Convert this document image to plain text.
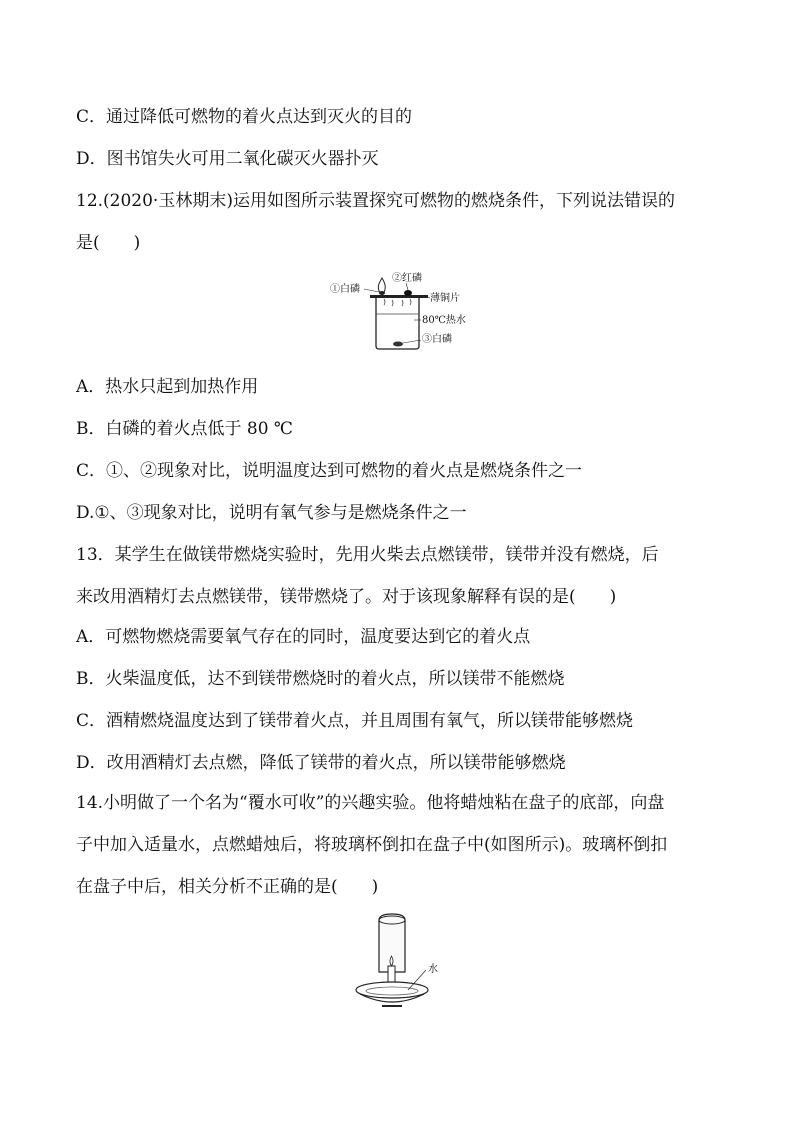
C．通过降低可燃物的着火点达到灭火的目的
D．图书馆失火可用二氧化碳灭火器扑灭
12.(2020·玉林期末)运用如图所示装置探究可燃物的燃烧条件，下列说法错误的
是(　　)
A．热水只起到加热作用
B．白磷的着火点低于 80 ℃
C．①、②现象对比，说明温度达到可燃物的着火点是燃烧条件之一
D.①、③现象对比，说明有氧气参与是燃烧条件之一
13．某学生在做镁带燃烧实验时，先用火柴去点燃镁带，镁带并没有燃烧，后
来改用酒精灯去点燃镁带，镁带燃烧了。对于该现象解释有误的是(　　)
A．可燃物燃烧需要氧气存在的同时，温度要达到它的着火点
B．火柴温度低，达不到镁带燃烧时的着火点，所以镁带不能燃烧
C．酒精燃烧温度达到了镁带着火点，并且周围有氧气，所以镁带能够燃烧
D．改用酒精灯去点燃，降低了镁带的着火点，所以镁带能够燃烧
14.小明做了一个名为“覆水可收”的兴趣实验。他将蜡烛粘在盘子的底部，向盘
子中加入适量水，点燃蜡烛后，将玻璃杯倒扣在盘子中(如图所示)。玻璃杯倒扣
在盘子中后，相关分析不正确的是(　　)
①白磷
②红磷
薄铜片
80℃热水
③白磷
水
